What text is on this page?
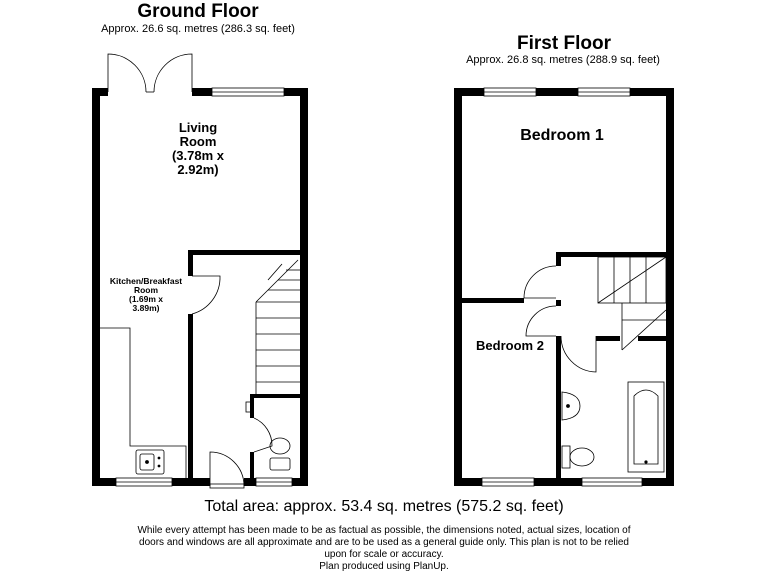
Ground Floor
Approx. 26.6 sq. metres (286.3 sq. feet)
First Floor
Approx. 26.8 sq. metres (288.9 sq. feet)
Living
Room
(3.78m x
2.92m)
Kitchen/Breakfast
Room
(1.69m x
3.89m)
Bedroom 1
Bedroom 2
Total area: approx. 53.4 sq. metres (575.2 sq. feet)
While every attempt has been made to be as factual as possible, the dimensions noted, actual sizes, location of
doors and windows are all approximate and are to be used as a general guide only. This plan is not to be relied
upon for scale or accuracy.
Plan produced using PlanUp.
